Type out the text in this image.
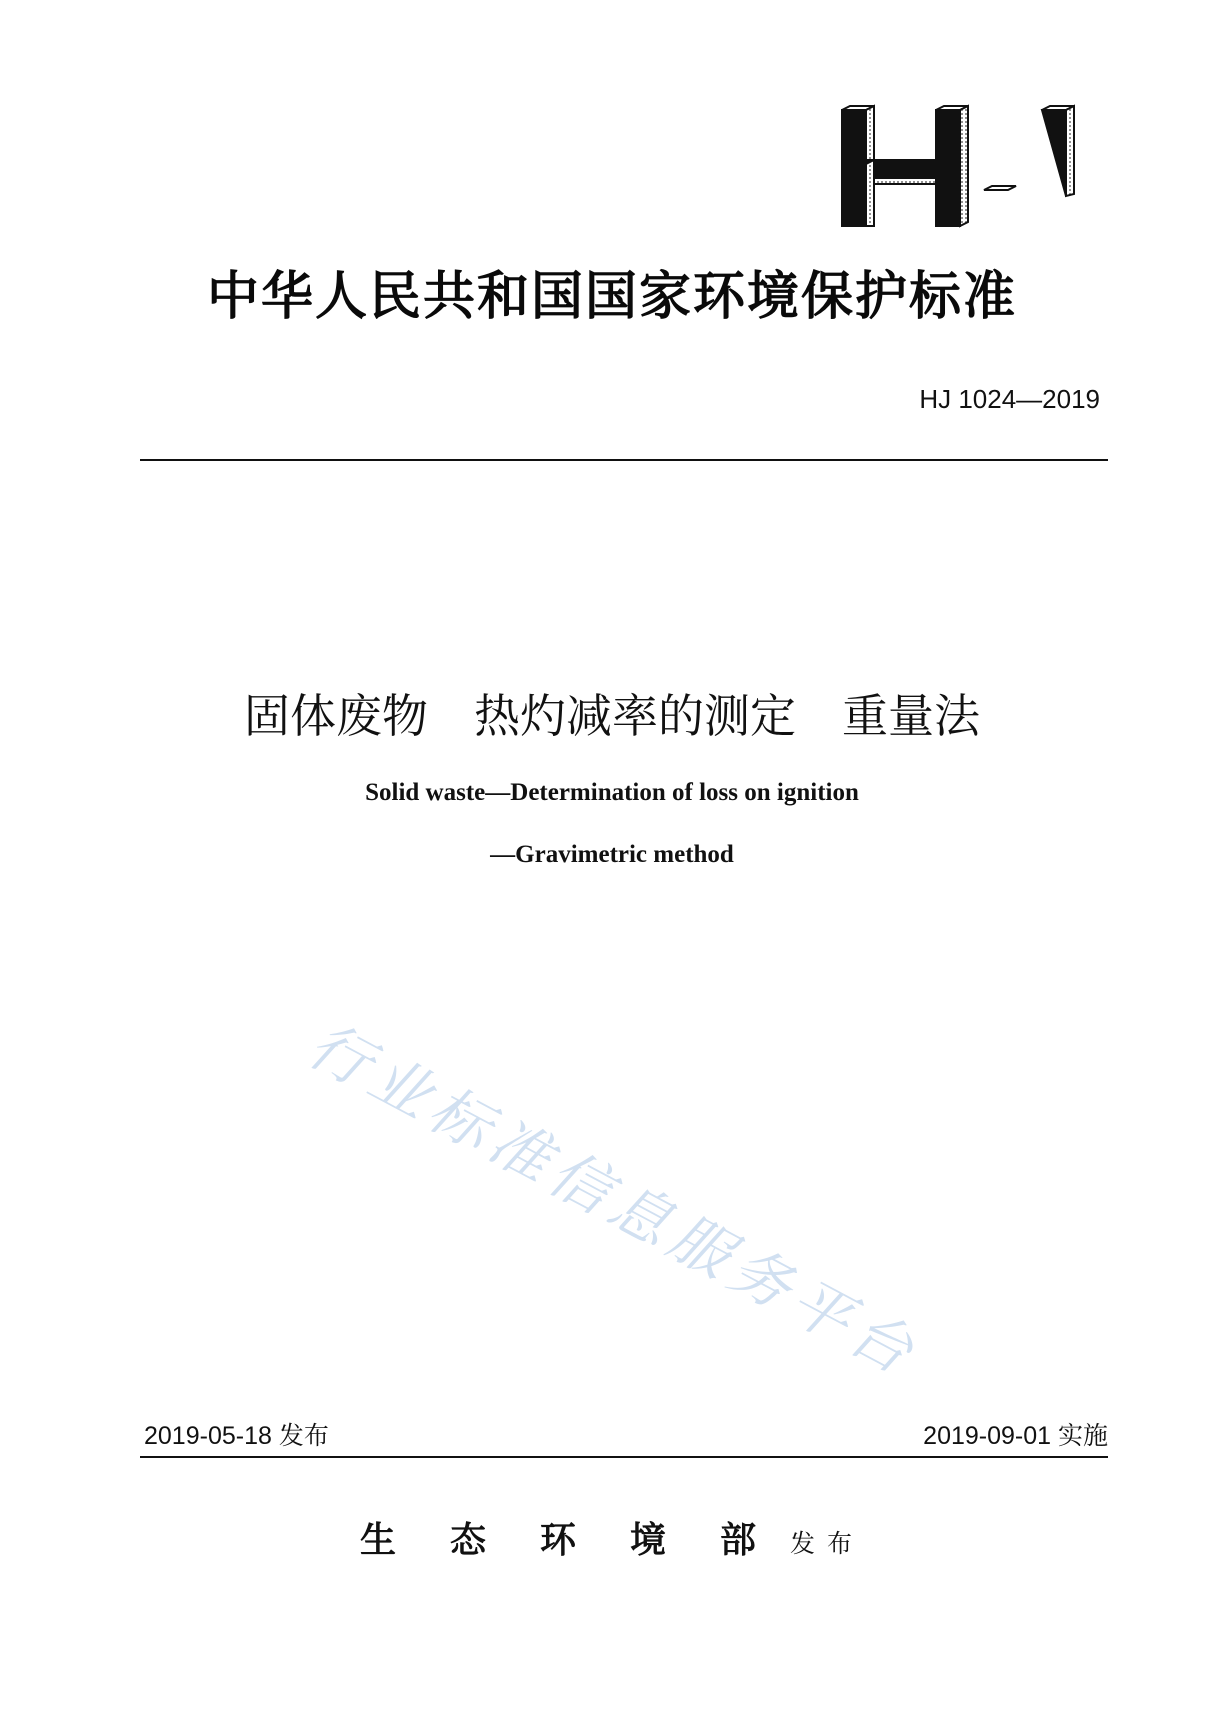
中华人民共和国国家环境保护标准
HJ 1024—2019
固体废物　热灼减率的测定　重量法
Solid waste—Determination of loss on ignition
—Gravimetric method
行业标准信息服务平台
2019-05-18 发布	2019-09-01 实施
生态环境部发布
